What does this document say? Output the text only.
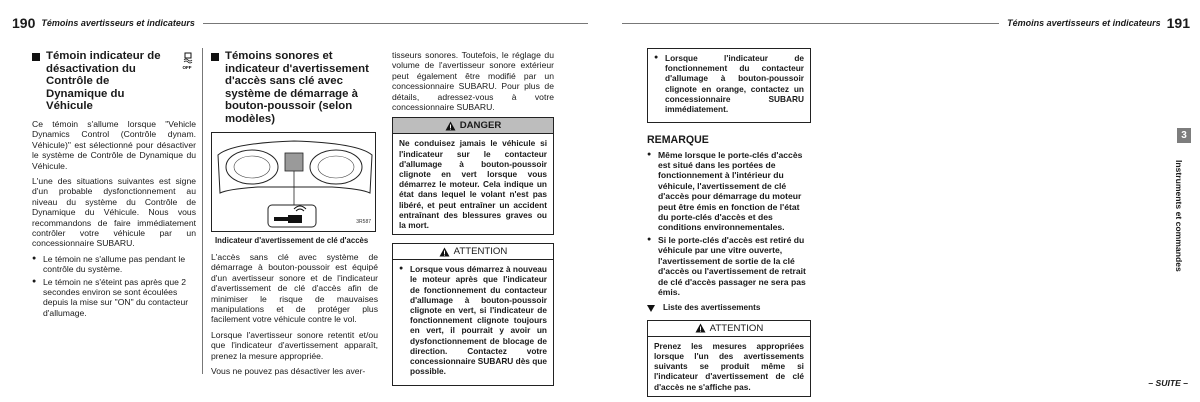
190 Témoins avertisseurs et indicateurs
Témoin indicateur de désactivation du Contrôle de Dynamique du Véhicule

Ce témoin s'allume lorsque "Vehicle Dynamics Control (Contrôle dynam. Véhicule)" est sélectionné pour désactiver le système de Contrôle de Dynamique du Véhicule.

L'une des situations suivantes est signe d'un probable dysfonctionnement au niveau du système du Contrôle de Dynamique du Véhicule. Nous vous recommandons de faire immédiatement contrôler votre véhicule par un concessionnaire SUBARU.

● Le témoin ne s'allume pas pendant le contrôle du système.
● Le témoin ne s'éteint pas après que 2 secondes environ se sont écoulées depuis la mise sur "ON" du contacteur d'allumage.
OFF
Témoins sonores et indicateur d'avertissement d'accès sans clé avec système de démarrage à bouton-poussoir (selon modèles)
3R587
Indicateur d'avertissement de clé d'accès

L'accès sans clé avec système de démarrage à bouton-poussoir est équipé d'un avertisseur sonore et de l'indicateur d'avertissement de clé d'accès afin de minimiser le risque de mauvaises manipulations et de protéger plus facilement votre véhicule contre le vol.

Lorsque l'avertisseur sonore retentit et/ou que l'indicateur d'avertissement apparaît, prenez la mesure appropriée.

Vous ne pouvez pas désactiver les aver-

tisseurs sonores. Toutefois, le réglage du volume de l'avertisseur sonore extérieur peut également être modifié par un concessionnaire SUBARU. Pour plus de détails, adressez-vous à votre concessionnaire SUBARU.

DANGER
Ne conduisez jamais le véhicule si l'indicateur sur le contacteur d'allumage à bouton-poussoir clignote en vert lorsque vous démarrez le moteur. Cela indique un état dans lequel le volant n'est pas libéré, et peut entraîner un accident entraînant des blessures graves ou la mort.
ATTENTION
● Lorsque vous démarrez à nouveau le moteur après que l'indicateur de fonctionnement du contacteur d'allumage à bouton-poussoir clignote en vert, si l'indicateur de fonctionnement clignote toujours en vert, il pourrait y avoir un dysfonctionnement de blocage de direction. Contactez votre concessionnaire SUBARU dès que possible.
Témoins avertisseurs et indicateurs 191
● Lorsque l'indicateur de fonctionnement du contacteur d'allumage à bouton-poussoir clignote en orange, contactez un concessionnaire SUBARU immédiatement.
REMARQUE
● Même lorsque le porte-clés d'accès est situé dans les portées de fonctionnement à l'intérieur du véhicule, l'avertissement de clé d'accès pour démarrage du moteur peut être émis en fonction de l'état du porte-clés d'accès et des conditions environnementales.
● Si le porte-clés d'accès est retiré du véhicule par une vitre ouverte, l'avertissement de sortie de la clé d'accès ou l'avertissement de retrait de clé d'accès passager ne sera pas émis.
Liste des avertissements
ATTENTION
Prenez les mesures appropriées lorsque l'un des avertissements suivants se produit même si l'indicateur d'avertissement de clé d'accès ne s'affiche pas.
3
Instruments et commandes
– SUITE –
